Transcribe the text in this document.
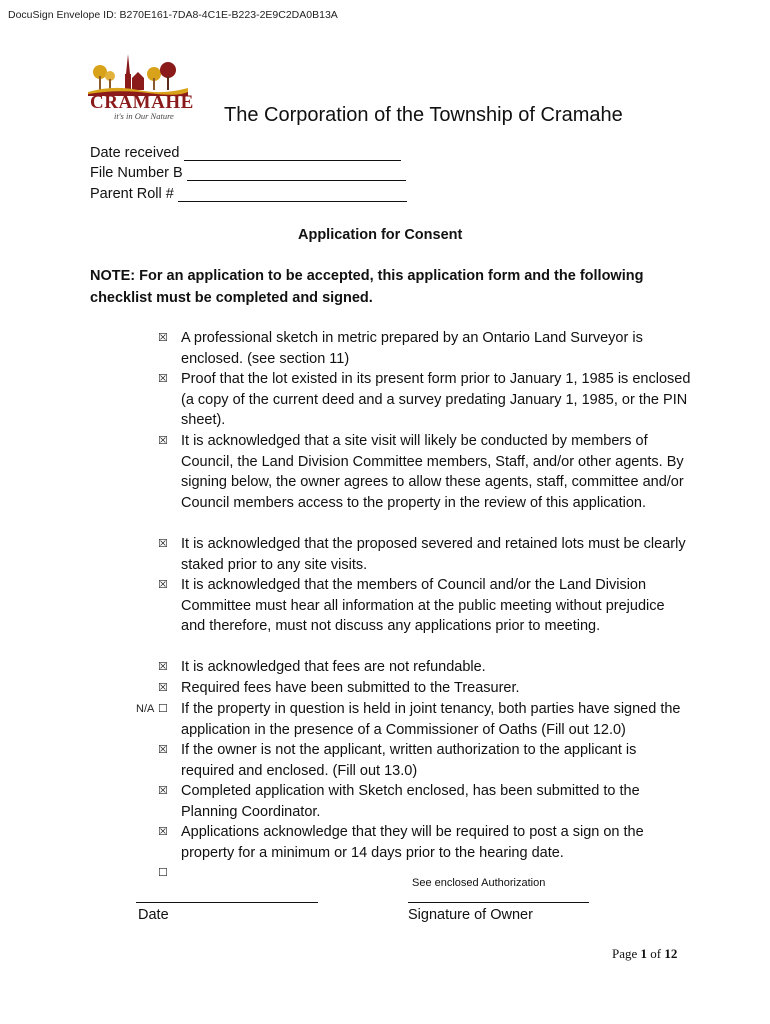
DocuSign Envelope ID: B270E161-7DA8-4C1E-B223-2E9C2DA0B13A
CRAMAHE
it's in Our Nature	The Corporation of the Township of Cramahe
Date received
File Number B
Parent Roll #
Application for Consent
NOTE: For an application to be accepted, this application form and the following checklist must be completed and signed.
☒ A professional sketch in metric prepared by an Ontario Land Surveyor is enclosed. (see section 11)
☒ Proof that the lot existed in its present form prior to January 1, 1985 is enclosed (a copy of the current deed and a survey predating January 1, 1985, or the PIN sheet).
☒ It is acknowledged that a site visit will likely be conducted by members of Council, the Land Division Committee members, Staff, and/or other agents. By signing below, the owner agrees to allow these agents, staff, committee and/or Council members access to the property in the review of this application.
☒ It is acknowledged that the proposed severed and retained lots must be clearly staked prior to any site visits.
☒ It is acknowledged that the members of Council and/or the Land Division Committee must hear all information at the public meeting without prejudice and therefore, must not discuss any applications prior to meeting.
☒ It is acknowledged that fees are not refundable.
☒ Required fees have been submitted to the Treasurer.
N/A ☐ If the property in question is held in joint tenancy, both parties have signed the application in the presence of a Commissioner of Oaths (Fill out 12.0)
☒ If the owner is not the applicant, written authorization to the applicant is required and enclosed. (Fill out 13.0)
☒ Completed application with Sketch enclosed, has been submitted to the Planning Coordinator.
☒ Applications acknowledge that they will be required to post a sign on the property for a minimum or 14 days prior to the hearing date.
☐
See enclosed Authorization
Date	Signature of Owner
Page 1 of 12
